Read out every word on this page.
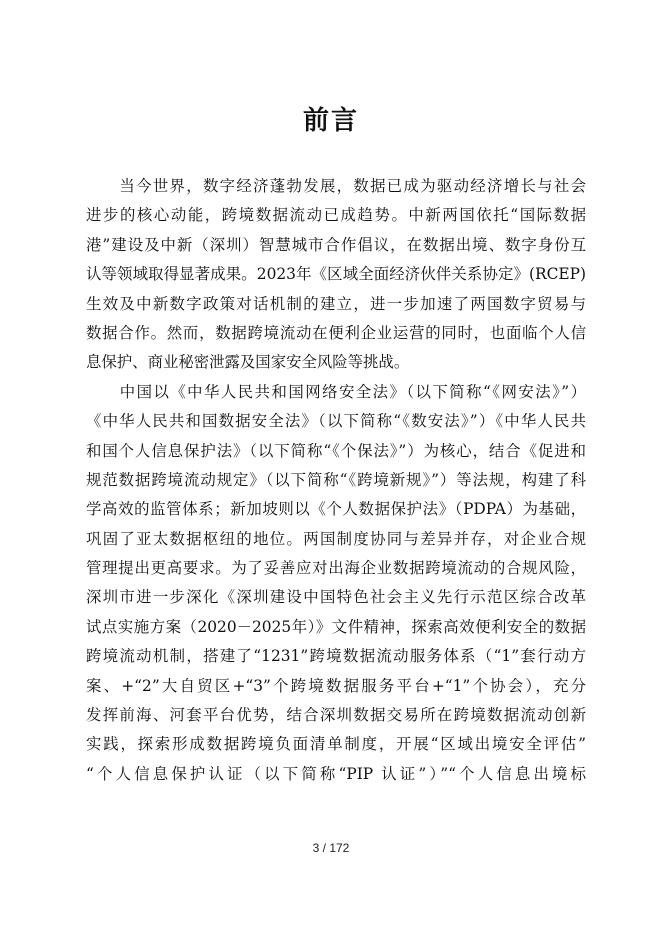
前言
　　当今世界，数字经济蓬勃发展，数据已成为驱动经济增长与社会
进步的核心动能，跨境数据流动已成趋势。中新两国依托“国际数据
港”建设及中新（深圳）智慧城市合作倡议，在数据出境、数字身份互
认等领域取得显著成果。2023年《区域全面经济伙伴关系协定》(RCEP)
生效及中新数字政策对话机制的建立，进一步加速了两国数字贸易与
数据合作。然而，数据跨境流动在便利企业运营的同时，也面临个人信
息保护、商业秘密泄露及国家安全风险等挑战。
　　中国以《中华人民共和国网络安全法》（以下简称“《网安法》”）
《中华人民共和国数据安全法》（以下简称“《数安法》”）《中华人民共
和国个人信息保护法》（以下简称“《个保法》”）为核心，结合《促进和
规范数据跨境流动规定》（以下简称“《跨境新规》”）等法规，构建了科
学高效的监管体系；新加坡则以《个人数据保护法》（PDPA）为基础，
巩固了亚太数据枢纽的地位。两国制度协同与差异并存，对企业合规
管理提出更高要求。为了妥善应对出海企业数据跨境流动的合规风险，
深圳市进一步深化《深圳建设中国特色社会主义先行示范区综合改革
试点实施方案（2020－2025年）》文件精神，探索高效便利安全的数据
跨境流动机制，搭建了“1231”跨境数据流动服务体系（“1”套行动方
案、+“2”大自贸区+“3”个跨境数据服务平台+“1”个协会），充分
发挥前海、河套平台优势，结合深圳数据交易所在跨境数据流动创新
实践，探索形成数据跨境负面清单制度，开展“区域出境安全评估”
“个人信息保护认证（以下简称“PIP 认证”）”“个人信息出境标
3 / 172
